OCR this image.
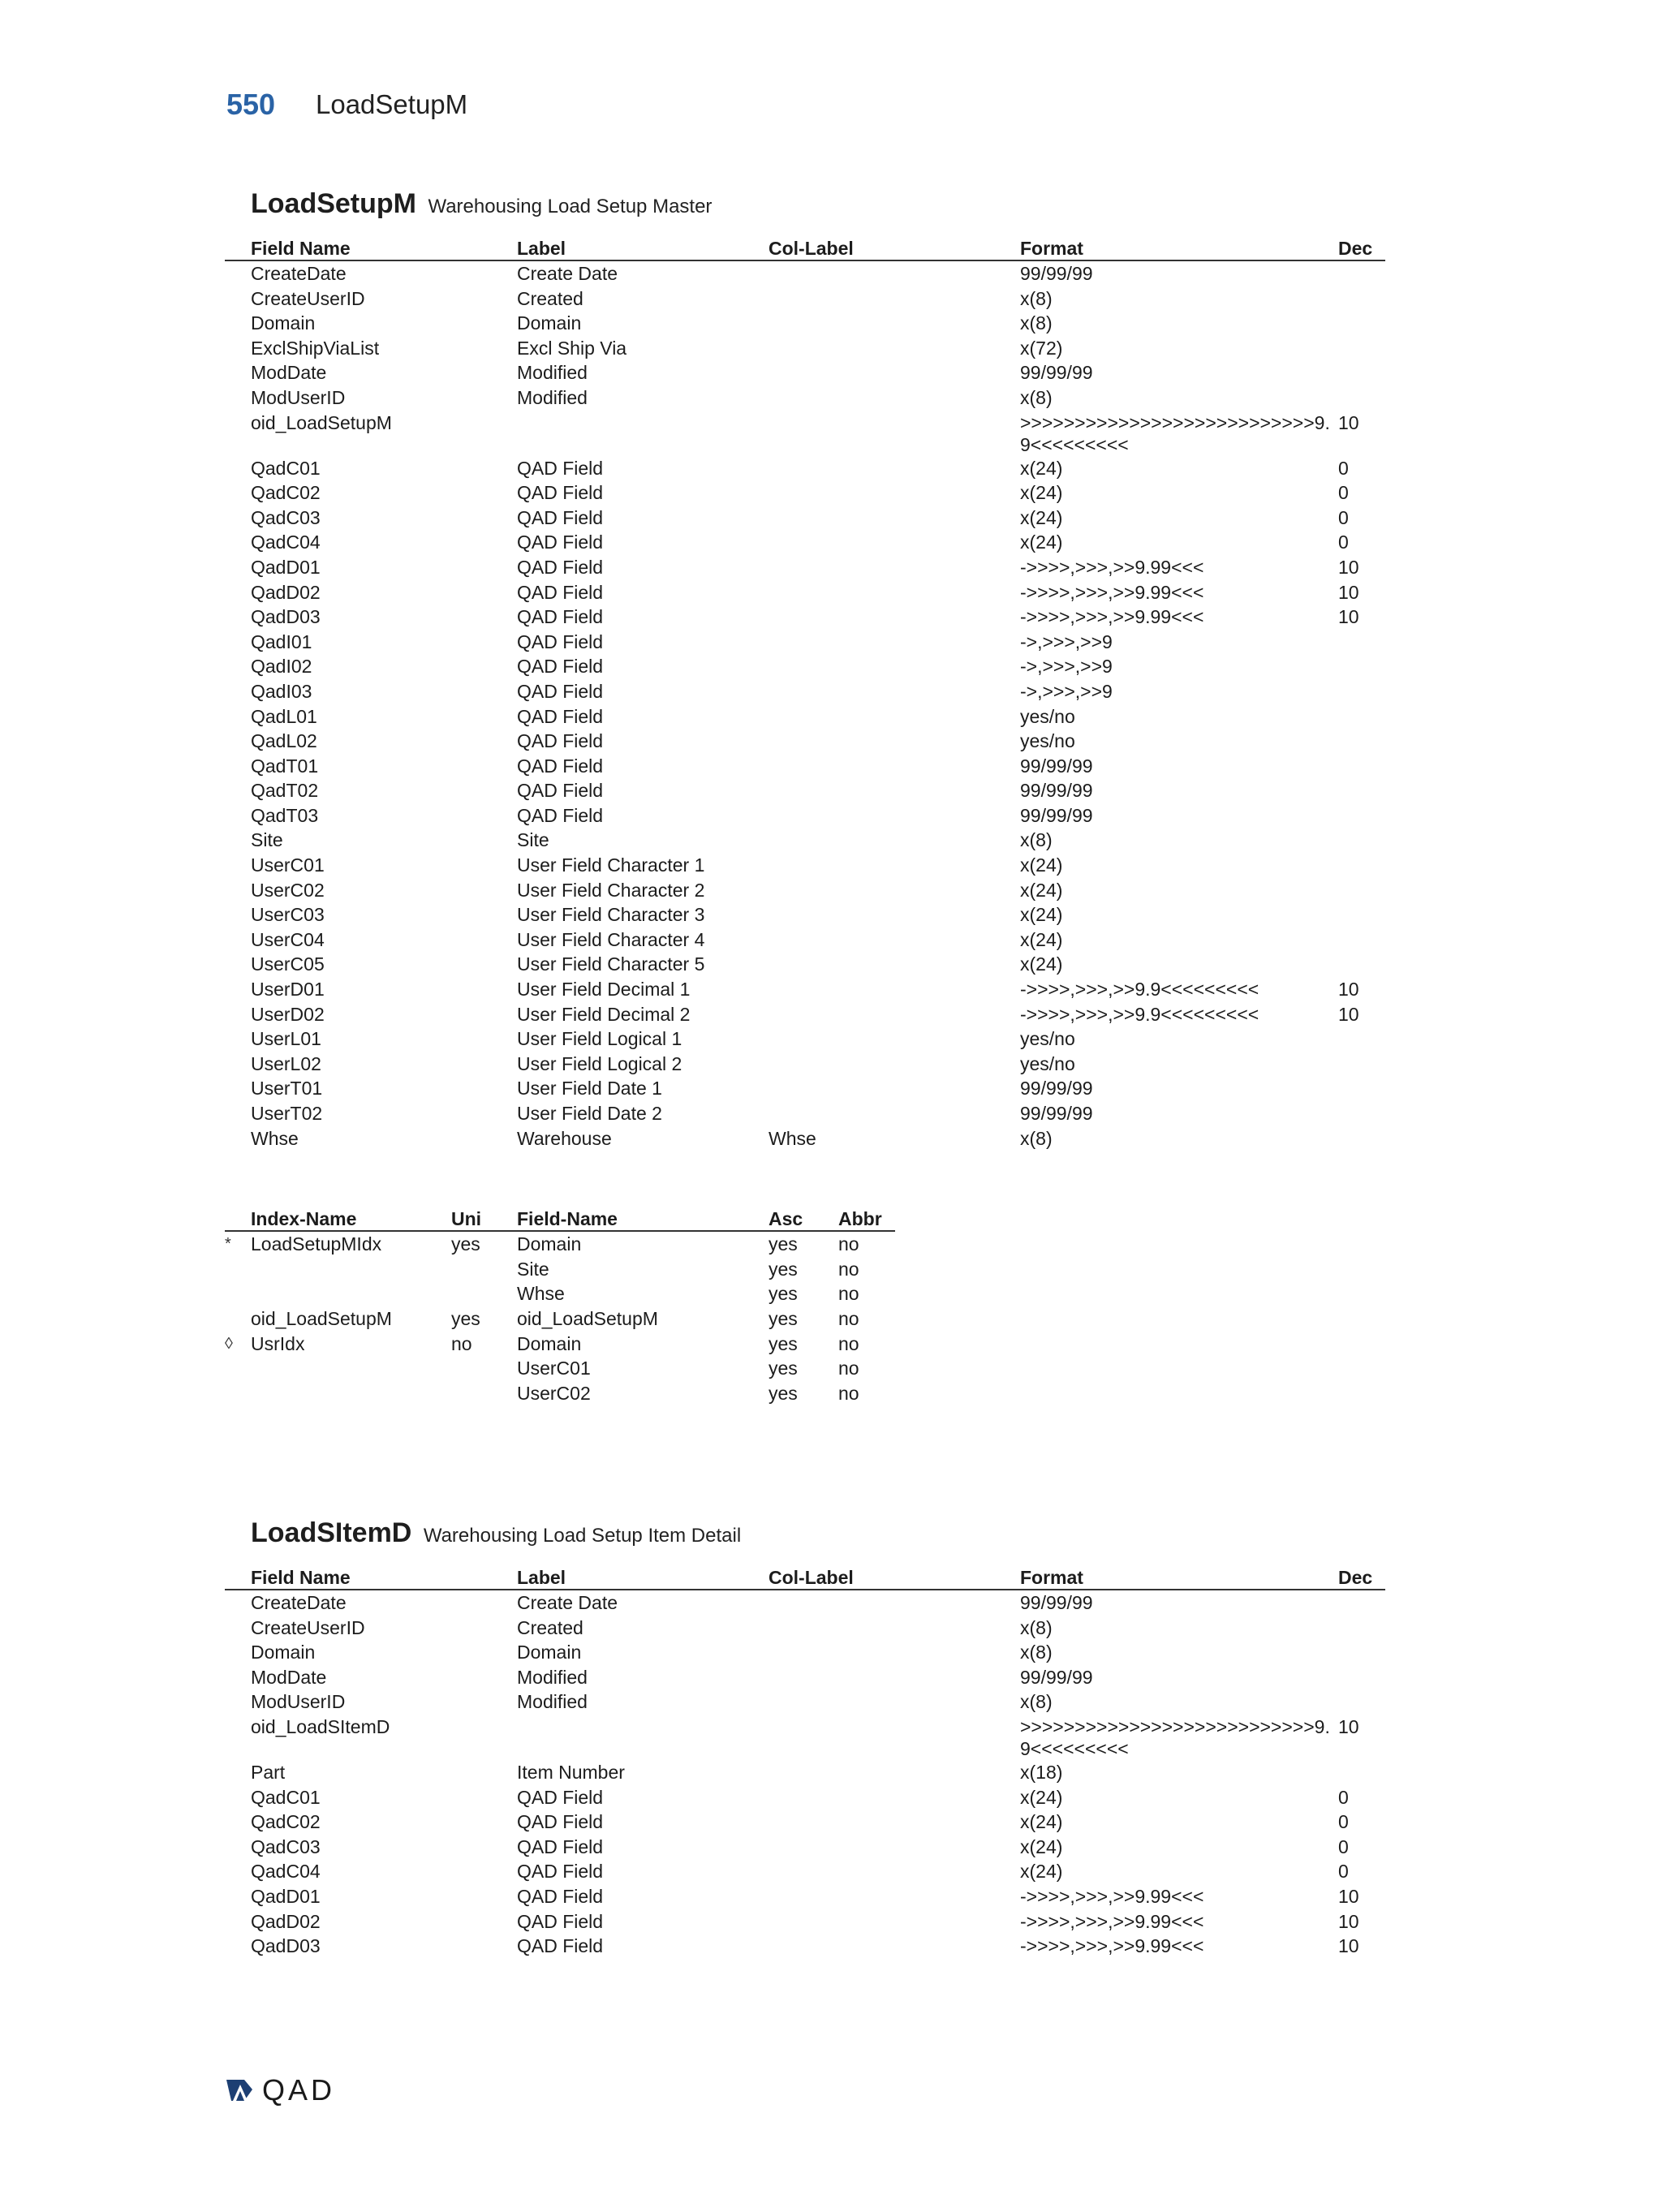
550 LoadSetupM
LoadSetupM Warehousing Load Setup Master
	Field Name	Label	Col-Label	Format	Dec
	CreateDate	Create Date		99/99/99	
	CreateUserID	Created		x(8)	
	Domain	Domain		x(8)	
	ExclShipViaList	Excl Ship Via		x(72)	
	ModDate	Modified		99/99/99	
	ModUserID	Modified		x(8)	
	oid_LoadSetupM			>>>>>>>>>>>>>>>>>>>>>>>>>>>9.9<<<<<<<<<	10
	QadC01	QAD Field		x(24)	0
	QadC02	QAD Field		x(24)	0
	QadC03	QAD Field		x(24)	0
	QadC04	QAD Field		x(24)	0
	QadD01	QAD Field		->>>>,>>>,>>9.99<<<	10
	QadD02	QAD Field		->>>>,>>>,>>9.99<<<	10
	QadD03	QAD Field		->>>>,>>>,>>9.99<<<	10
	QadI01	QAD Field		->,>>>,>>9	
	QadI02	QAD Field		->,>>>,>>9	
	QadI03	QAD Field		->,>>>,>>9	
	QadL01	QAD Field		yes/no	
	QadL02	QAD Field		yes/no	
	QadT01	QAD Field		99/99/99	
	QadT02	QAD Field		99/99/99	
	QadT03	QAD Field		99/99/99	
	Site	Site		x(8)	
	UserC01	User Field Character 1		x(24)	
	UserC02	User Field Character 2		x(24)	
	UserC03	User Field Character 3		x(24)	
	UserC04	User Field Character 4		x(24)	
	UserC05	User Field Character 5		x(24)	
	UserD01	User Field Decimal 1		->>>>,>>>,>>9.9<<<<<<<<<	10
	UserD02	User Field Decimal 2		->>>>,>>>,>>9.9<<<<<<<<<	10
	UserL01	User Field Logical 1		yes/no	
	UserL02	User Field Logical 2		yes/no	
	UserT01	User Field Date 1		99/99/99	
	UserT02	User Field Date 2		99/99/99	
	Whse	Warehouse	Whse	x(8)	
	Index-Name	Uni	Field-Name	Asc	Abbr
*	LoadSetupMIdx	yes	Domain	yes	no
			Site	yes	no
			Whse	yes	no
	oid_LoadSetupM	yes	oid_LoadSetupM	yes	no
◊	UsrIdx	no	Domain	yes	no
			UserC01	yes	no
			UserC02	yes	no
LoadSItemD Warehousing Load Setup Item Detail
	Field Name	Label	Col-Label	Format	Dec
	CreateDate	Create Date		99/99/99	
	CreateUserID	Created		x(8)	
	Domain	Domain		x(8)	
	ModDate	Modified		99/99/99	
	ModUserID	Modified		x(8)	
	oid_LoadSItemD			>>>>>>>>>>>>>>>>>>>>>>>>>>>9.9<<<<<<<<<	10
	Part	Item Number		x(18)	
	QadC01	QAD Field		x(24)	0
	QadC02	QAD Field		x(24)	0
	QadC03	QAD Field		x(24)	0
	QadC04	QAD Field		x(24)	0
	QadD01	QAD Field		->>>>,>>>,>>9.99<<<	10
	QadD02	QAD Field		->>>>,>>>,>>9.99<<<	10
	QadD03	QAD Field		->>>>,>>>,>>9.99<<<	10
QAD
